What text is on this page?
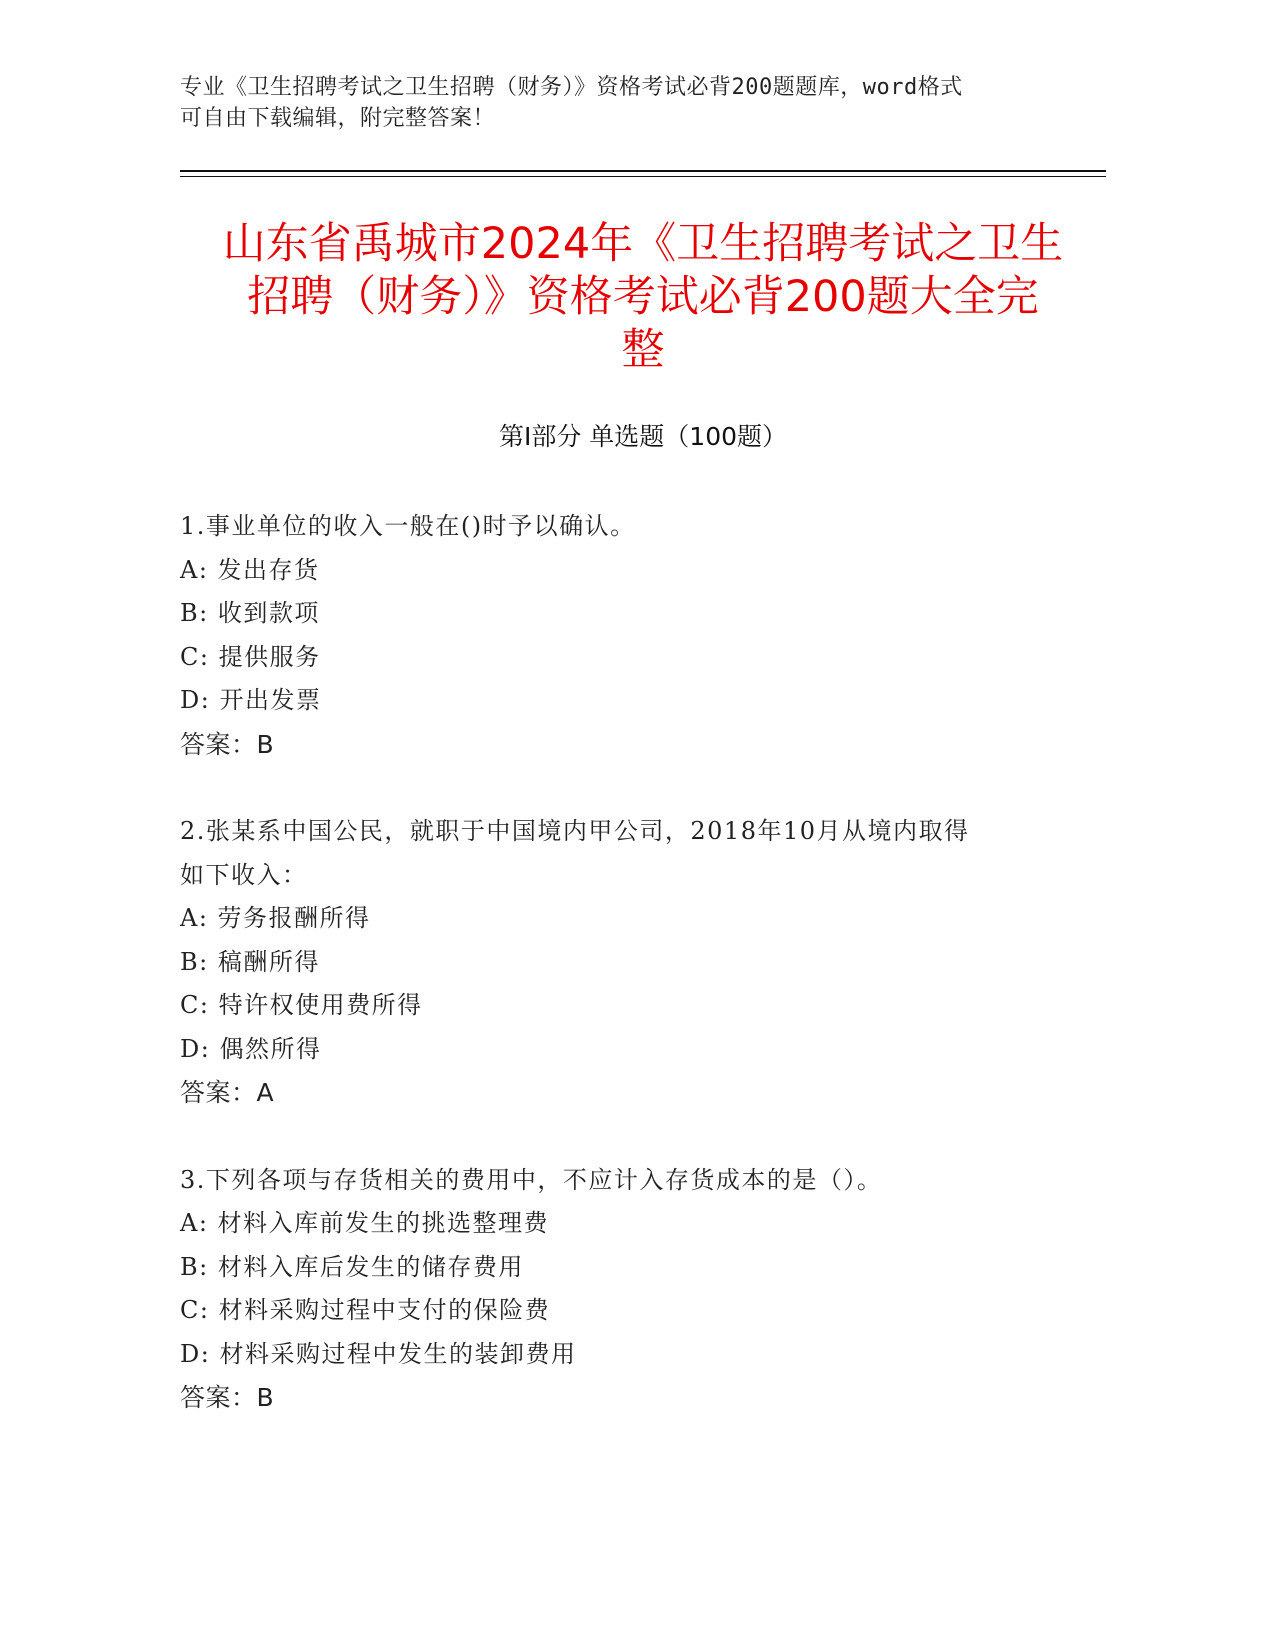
专业《卫生招聘考试之卫生招聘（财务）》资格考试必背200题题库，word格式
可自由下载编辑，附完整答案！
山东省禹城市2024年《卫生招聘考试之卫生
招聘（财务）》资格考试必背200题大全完
整
第I部分 单选题（100题）
1.事业单位的收入一般在()时予以确认。
A: 发出存货
B: 收到款项
C: 提供服务
D: 开出发票
答案：B
2.张某系中国公民，就职于中国境内甲公司，2018年10月从境内取得
如下收入：
A: 劳务报酬所得
B: 稿酬所得
C: 特许权使用费所得
D: 偶然所得
答案：A
3.下列各项与存货相关的费用中，不应计入存货成本的是（）。
A: 材料入库前发生的挑选整理费
B: 材料入库后发生的储存费用
C: 材料采购过程中支付的保险费
D: 材料采购过程中发生的装卸费用
答案：B
